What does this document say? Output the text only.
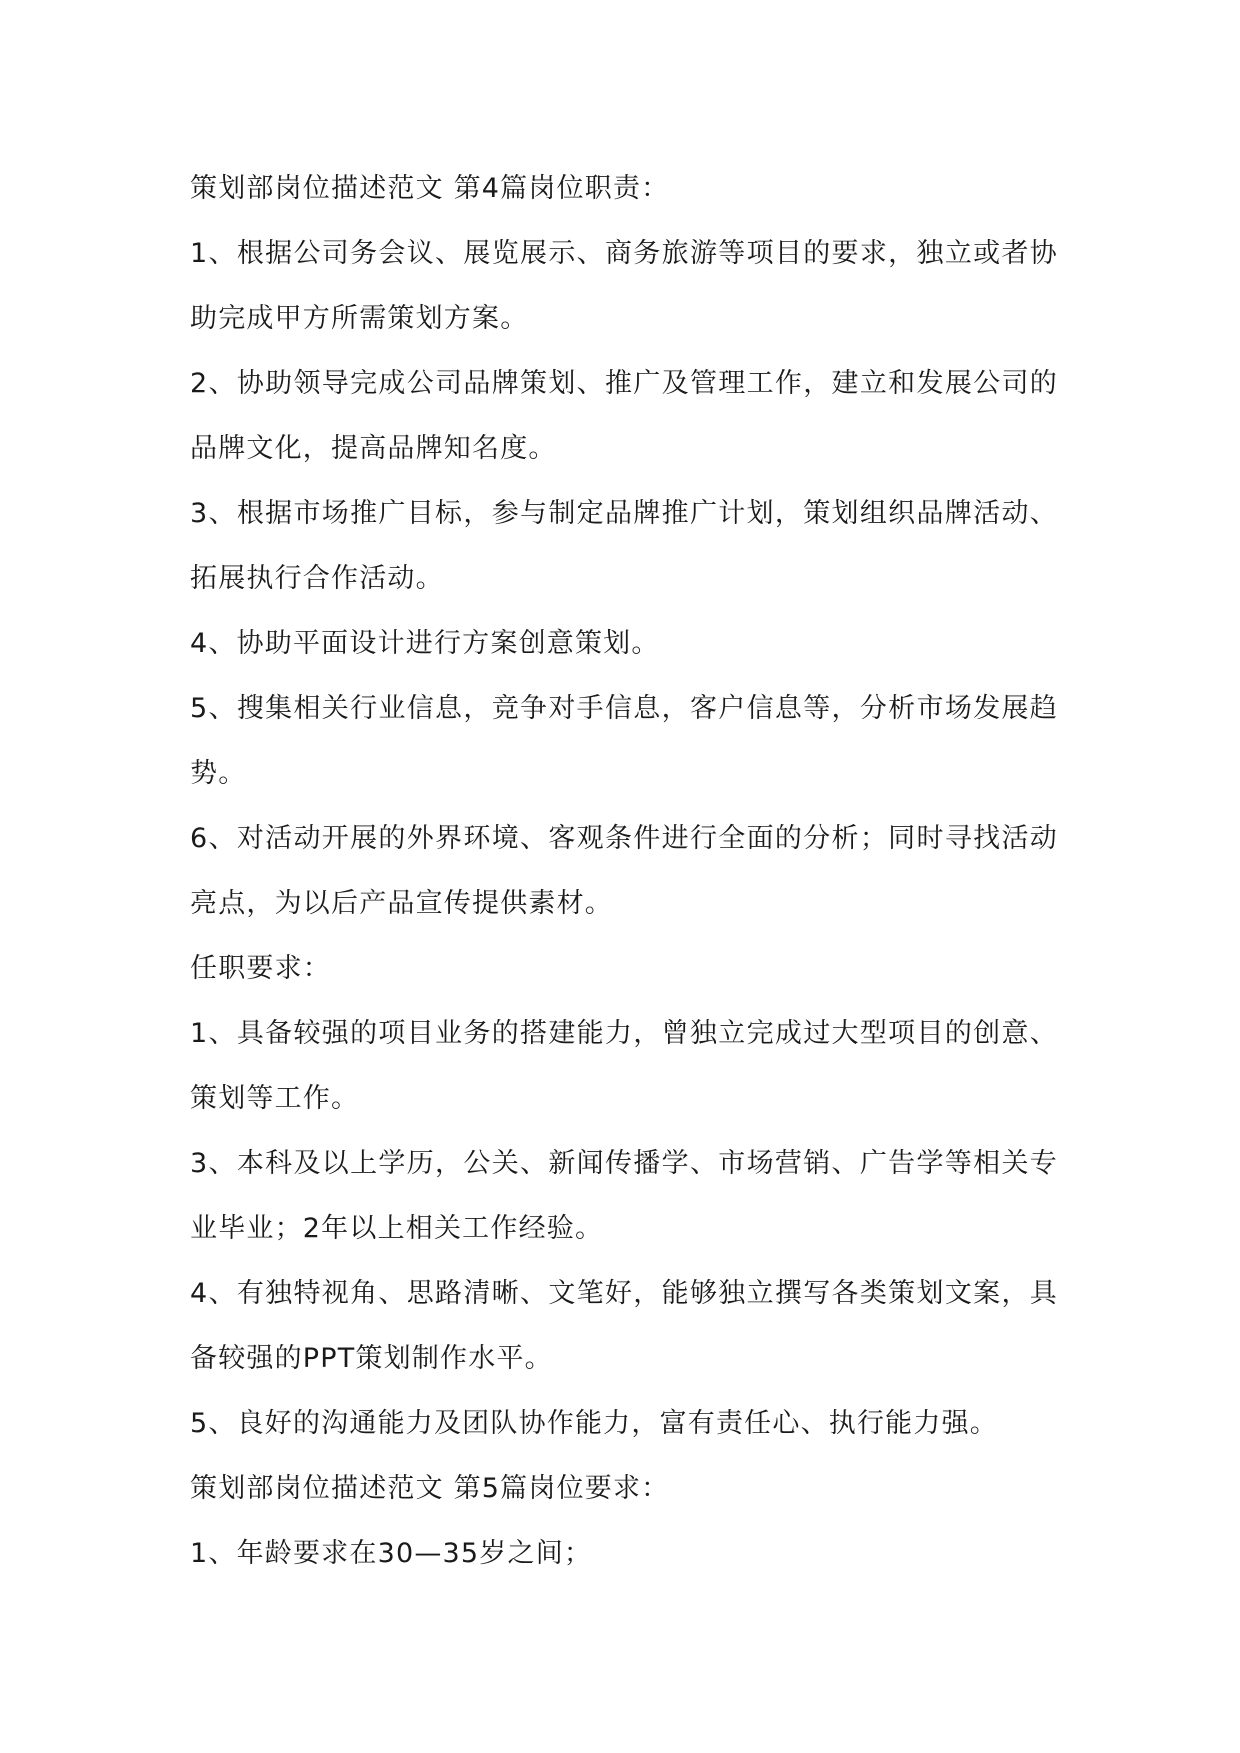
策划部岗位描述范文 第4篇岗位职责：

1、根据公司务会议、展览展示、商务旅游等项目的要求，独立或者协助完成甲方所需策划方案。

2、协助领导完成公司品牌策划、推广及管理工作，建立和发展公司的品牌文化，提高品牌知名度。

3、根据市场推广目标，参与制定品牌推广计划，策划组织品牌活动、拓展执行合作活动。

4、协助平面设计进行方案创意策划。

5、搜集相关行业信息，竞争对手信息，客户信息等，分析市场发展趋势。

6、对活动开展的外界环境、客观条件进行全面的分析；同时寻找活动亮点，为以后产品宣传提供素材。

任职要求：

1、具备较强的项目业务的搭建能力，曾独立完成过大型项目的创意、策划等工作。

3、本科及以上学历，公关、新闻传播学、市场营销、广告学等相关专业毕业；2年以上相关工作经验。

4、有独特视角、思路清晰、文笔好，能够独立撰写各类策划文案，具备较强的PPT策划制作水平。

5、良好的沟通能力及团队协作能力，富有责任心、执行能力强。

策划部岗位描述范文 第5篇岗位要求：

1、年龄要求在30—35岁之间；
